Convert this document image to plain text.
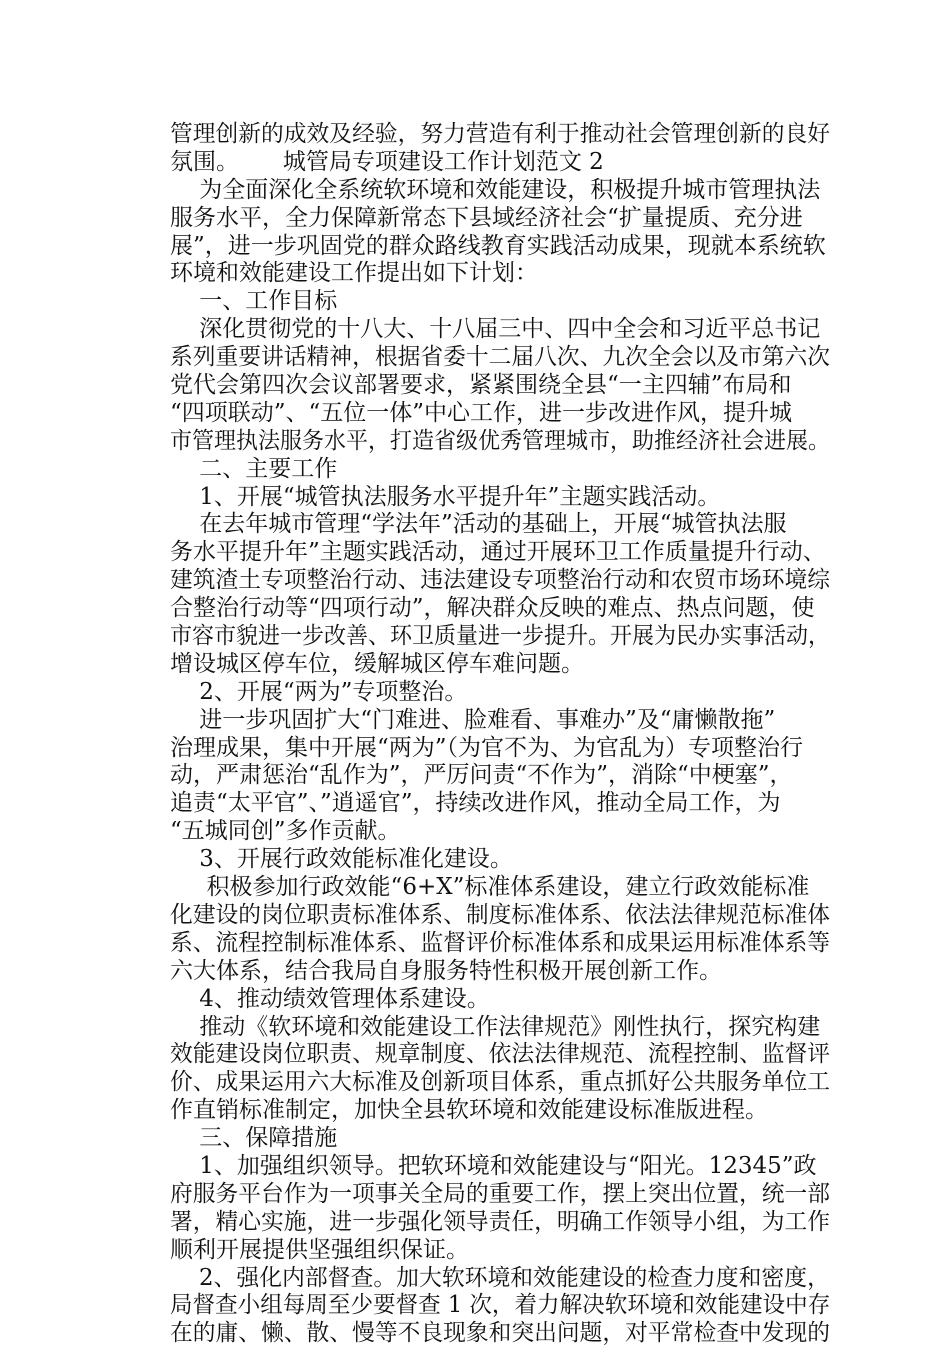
管理创新的成效及经验，努力营造有利于推动社会管理创新的良好
氛围。      城管局专项建设工作计划范文 2
为全面深化全系统软环境和效能建设，积极提升城市管理执法
服务水平，全力保障新常态下县域经济社会“扩量提质、充分进
展”，进一步巩固党的群众路线教育实践活动成果，现就本系统软
环境和效能建设工作提出如下计划：
一、工作目标
深化贯彻党的十八大、十八届三中、四中全会和习近平总书记
系列重要讲话精神，根据省委十二届八次、九次全会以及市第六次
党代会第四次会议部署要求，紧紧围绕全县“一主四辅”布局和
“四项联动”、“五位一体”中心工作，进一步改进作风，提升城
市管理执法服务水平，打造省级优秀管理城市，助推经济社会进展。
二、主要工作
1、开展“城管执法服务水平提升年”主题实践活动。
在去年城市管理“学法年”活动的基础上，开展“城管执法服
务水平提升年”主题实践活动，通过开展环卫工作质量提升行动、
建筑渣土专项整治行动、违法建设专项整治行动和农贸市场环境综
合整治行动等“四项行动”，解决群众反映的难点、热点问题，使
市容市貌进一步改善、环卫质量进一步提升。开展为民办实事活动，
增设城区停车位，缓解城区停车难问题。
2、开展“两为”专项整治。
进一步巩固扩大“门难进、脸难看、事难办”及“庸懒散拖”
治理成果，集中开展“两为”（为官不为、为官乱为）专项整治行
动，严肃惩治“乱作为”，严厉问责“不作为”，消除“中梗塞”，
追责“太平官”、”逍遥官”，持续改进作风，推动全局工作，为
“五城同创”多作贡献。
3、开展行政效能标准化建设。
积极参加行政效能“6+X”标准体系建设，建立行政效能标准
化建设的岗位职责标准体系、制度标准体系、依法法律规范标准体
系、流程控制标准体系、监督评价标准体系和成果运用标准体系等
六大体系，结合我局自身服务特性积极开展创新工作。
4、推动绩效管理体系建设。
推动《软环境和效能建设工作法律规范》刚性执行，探究构建
效能建设岗位职责、规章制度、依法法律规范、流程控制、监督评
价、成果运用六大标准及创新项目体系，重点抓好公共服务单位工
作直销标准制定，加快全县软环境和效能建设标准版进程。
三、保障措施
1、加强组织领导。把软环境和效能建设与“阳光。12345”政
府服务平台作为一项事关全局的重要工作，摆上突出位置，统一部
署，精心实施，进一步强化领导责任，明确工作领导小组，为工作
顺利开展提供坚强组织保证。
2、强化内部督查。加大软环境和效能建设的检查力度和密度，
局督查小组每周至少要督查 1 次，着力解决软环境和效能建设中存
在的庸、懒、散、慢等不良现象和突出问题，对平常检查中发现的
